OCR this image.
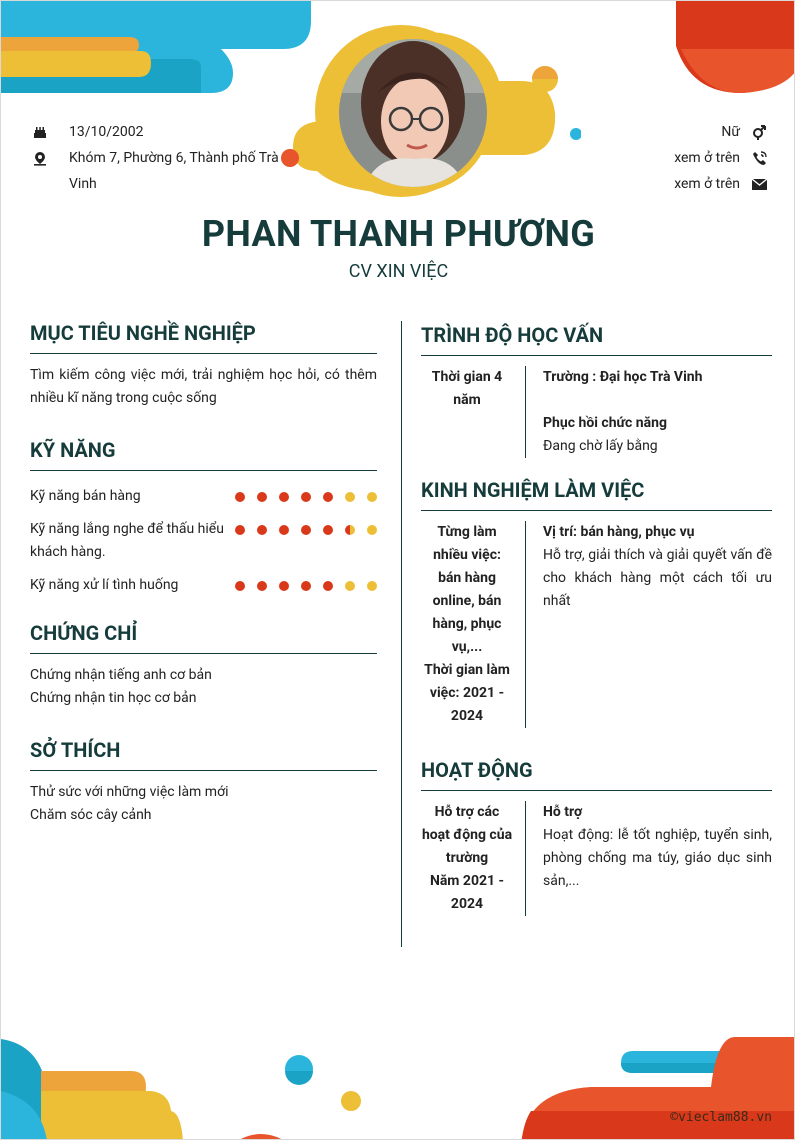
13/10/2002
Khóm 7, Phường 6, Thành phố Trà Vinh
Nữ
xem ở trên
xem ở trên
PHAN THANH PHƯƠNG
CV XIN VIỆC
MỤC TIÊU NGHỀ NGHIỆP
Tìm kiếm công việc mới, trải nghiệm học hỏi, có thêm nhiều kĩ năng trong cuộc sống
KỸ NĂNG
Kỹ năng bán hàng
Kỹ năng lắng nghe để thấu hiểu khách hàng.
Kỹ năng xử lí tình huống
CHỨNG CHỈ
Chứng nhận tiếng anh cơ bản
Chứng nhận tin học cơ bản
SỞ THÍCH
Thử sức với những việc làm mới
Chăm sóc cây cảnh
TRÌNH ĐỘ HỌC VẤN
Thời gian 4 năm
Trường : Đại học Trà Vinh
Phục hồi chức năng
Đang chờ lấy bằng
KINH NGHIỆM LÀM VIỆC
Từng làm nhiều việc: bán hàng online, bán hàng, phục vụ,...
Thời gian làm việc: 2021 - 2024
Vị trí: bán hàng, phục vụ
Hỗ trợ, giải thích và giải quyết vấn đề cho khách hàng một cách tối ưu nhất
HOẠT ĐỘNG
Hỗ trợ các hoạt động của trường
Năm 2021 - 2024
Hỗ trợ
Hoạt động: lễ tốt nghiệp, tuyển sinh, phòng chống ma túy, giáo dục sinh sản,...
©vieclam88.vn
